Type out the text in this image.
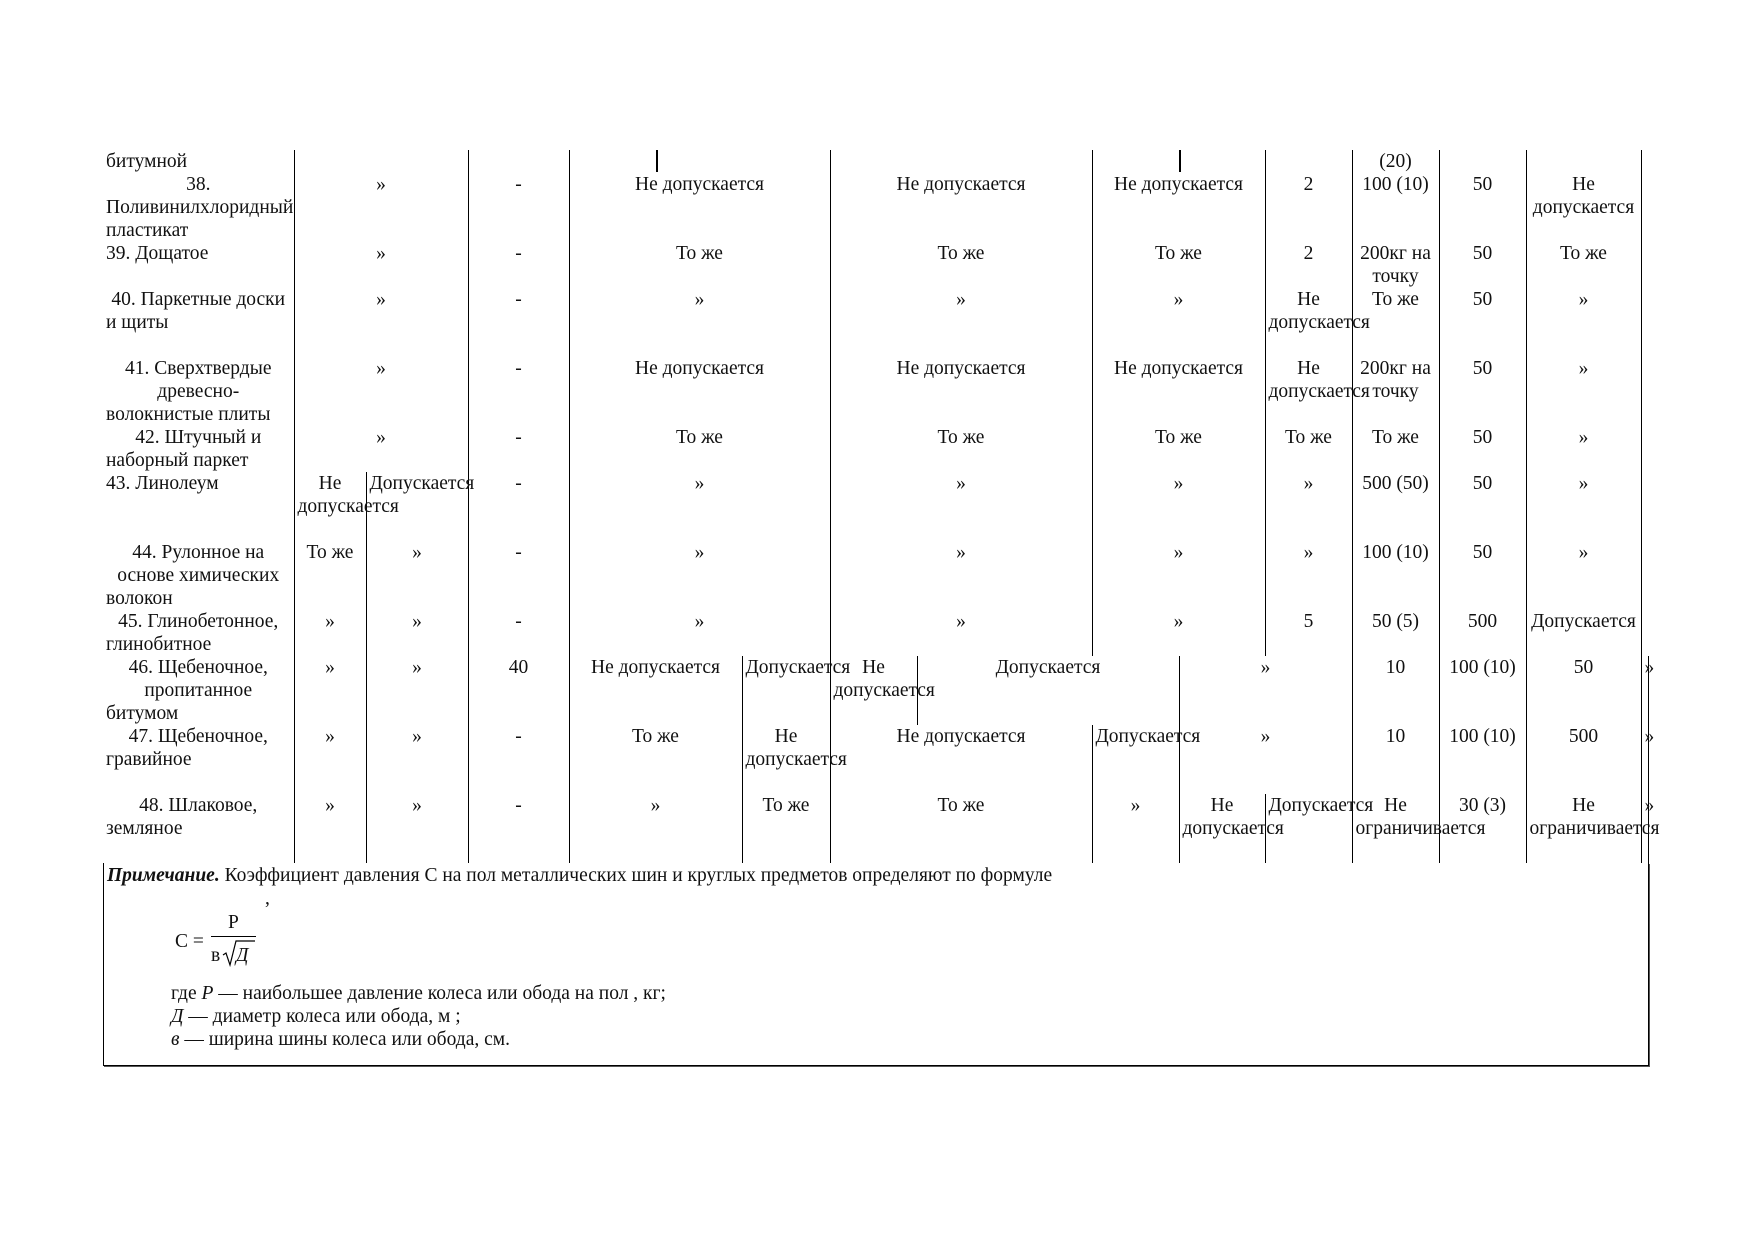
битумной											(20)			
38. Поливинилхлоридный пластикат	»		-	Не допускается		Не допускается		Не допускается		2	100 (10)	50	Не допускается	
39. Дощатое	»		-	То же		То же		То же		2	200кг на точку	50	То же	
40. Паркетные доски и щиты	»		-	»		»		»		Не допускается	То же	50	»	
41. Сверхтвердые древесно-волокнистые плиты	»		-	Не допускается		Не допускается		Не допускается		Не допускается	200кг на точку	50	»	
42. Штучный и наборный паркет	»		-	То же		То же		То же		То же	То же	50	»	
43. Линолеум	Не допускается	Допускается	-	»		»		»		»	500 (50)	50	»	
44. Рулонное на основе химических волокон	То же	»	-	»		»		»		»	100 (10)	50	»	
45. Глинобетонное, глинобитное	»	»	-	»		»		»		5	50 (5)	500	Допускается	
46. Щебеночное, пропитанное битумом	»	»	40	Не допускается	Допускается	Не допускается	Допускается		»		10	100 (10)	50	»
47. Щебеночное, гравийное	»	»	-	То же	Не допускается	Не допускается		Допускается	»		10	100 (10)	500	»
48. Шлаковое, земляное	»	»	-	»	То же	То же		»	Не допускается	Допускается	Не ограничивается	30 (3)	Не ограничивается	»
Примечание. Коэффициент давления С на пол металлических шин и круглых предметов определяют по формуле
,
С =
Р
в Д
где Р — наибольшее давление колеса или обода на пол , кг;
Д — диаметр колеса или обода, м ;
в — ширина шины колеса или обода, см.
